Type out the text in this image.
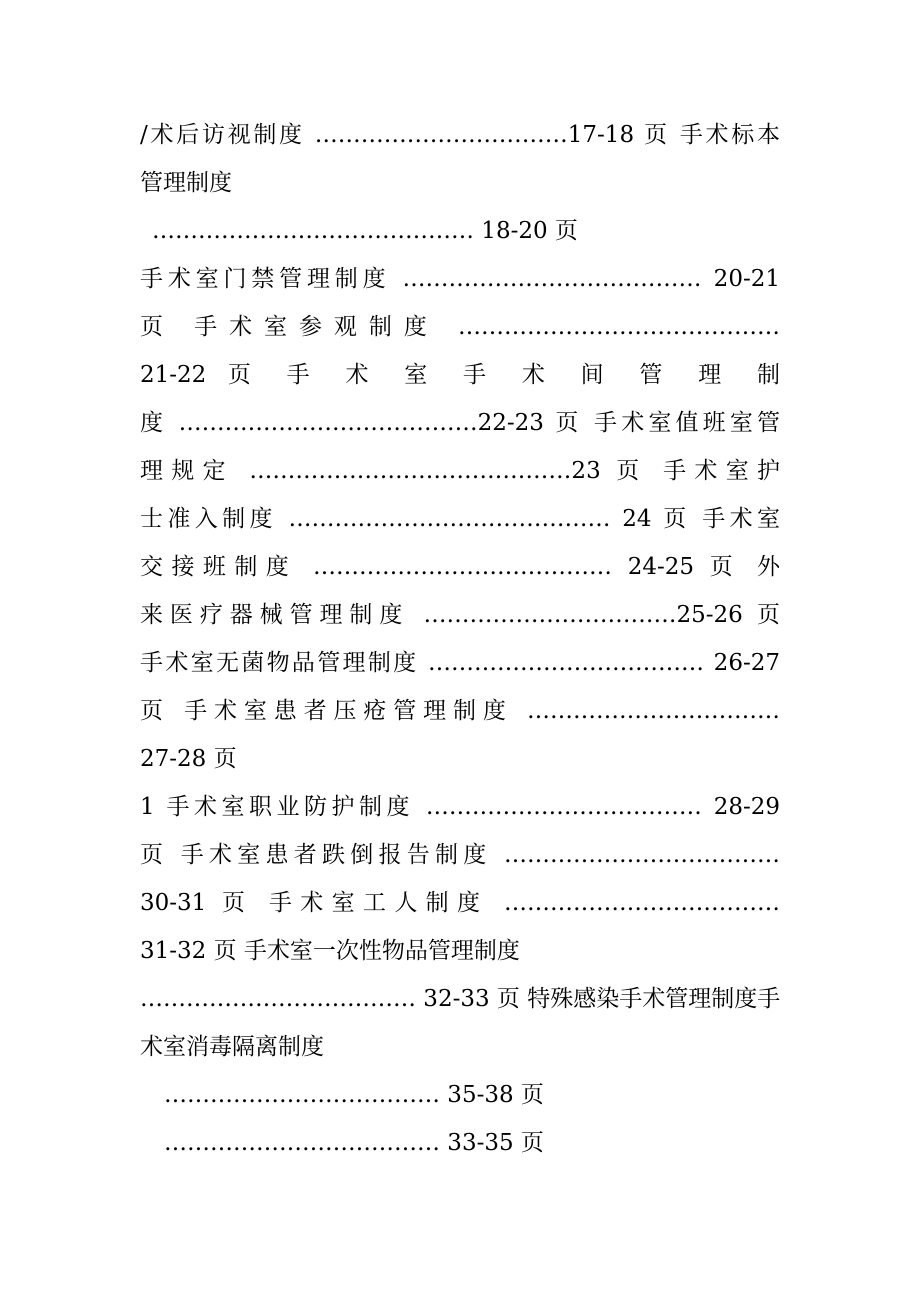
/术后访视制度 ……………………………17-18 页 手术标本
管理制度
…………………………………… 18-20 页
手术室门禁管理制度 ………………………………… 20-21
页 手术室参观制度 ……………………………………
21-22 页 手 术 室 手 术 间 管 理 制
度 …………………………………22-23 页 手术室值班室管
理规定 ……………………………………23 页 手术室护
士准入制度 …………………………………… 24 页 手术室
交接班制度 ………………………………… 24-25 页 外
来医疗器械管理制度 ……………………………25-26 页
手术室无菌物品管理制度 ……………………………… 26-27
页 手术室患者压疮管理制度 ……………………………
27-28 页
1 手术室职业防护制度 ……………………………… 28-29
页 手术室患者跌倒报告制度 ………………………………
30-31 页 手术室工人制度 ………………………………
31-32 页 手术室一次性物品管理制度
……………………………… 32-33 页 特殊感染手术管理制度手
术室消毒隔离制度
……………………………… 35-38 页
……………………………… 33-35 页
